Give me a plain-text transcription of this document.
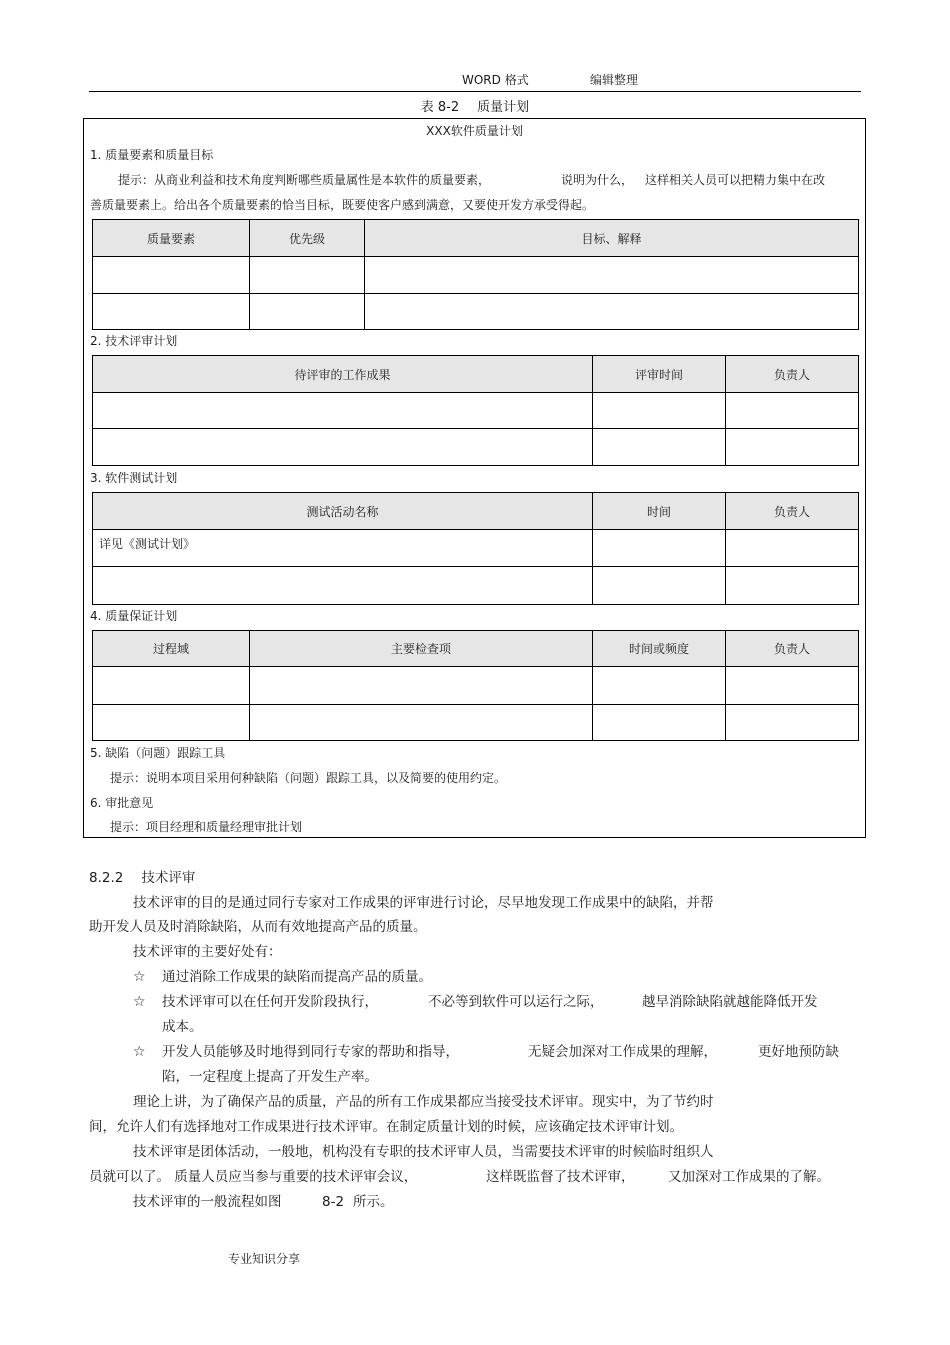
WORD 格式	编辑整理
表 8-2 质量计划
XXX软件质量计划
1. 质量要素和质量目标
提示：从商业利益和技术角度判断哪些质量属性是本软件的质量要素，	说明为什么， 这样相关人员可以把精力集中在改
善质量要素上。给出各个质量要素的恰当目标，既要使客户感到满意，又要使开发方承受得起。
质量要素	优先级	目标、解释

2. 技术评审计划
待评审的工作成果	评审时间	负责人

3. 软件测试计划
测试活动名称	时间	负责人
详见《测试计划》		

4. 质量保证计划
过程域	主要检查项	时间或频度	负责人

5. 缺陷（问题）跟踪工具
提示：说明本项目采用何种缺陷（问题）跟踪工具，以及简要的使用约定。
6. 审批意见
提示：项目经理和质量经理审批计划
8.2.2 技术评审
技术评审的目的是通过同行专家对工作成果的评审进行讨论，尽早地发现工作成果中的缺陷，并帮
助开发人员及时消除缺陷，从而有效地提高产品的质量。
技术评审的主要好处有：
☆ 通过消除工作成果的缺陷而提高产品的质量。
☆ 技术评审可以在任何开发阶段执行，	不必等到软件可以运行之际，	越早消除缺陷就越能降低开发
成本。
☆ 开发人员能够及时地得到同行专家的帮助和指导，	无疑会加深对工作成果的理解，	更好地预防缺
陷，一定程度上提高了开发生产率。
理论上讲，为了确保产品的质量，产品的所有工作成果都应当接受技术评审。现实中，为了节约时
间，允许人们有选择地对工作成果进行技术评审。在制定质量计划的时候，应该确定技术评审计划。
技术评审是团体活动，一般地，机构没有专职的技术评审人员，当需要技术评审的时候临时组织人
员就可以了。 质量人员应当参与重要的技术评审会议，	这样既监督了技术评审， 又加深对工作成果的了解。
技术评审的一般流程如图	8-2 所示。
专业知识分享
